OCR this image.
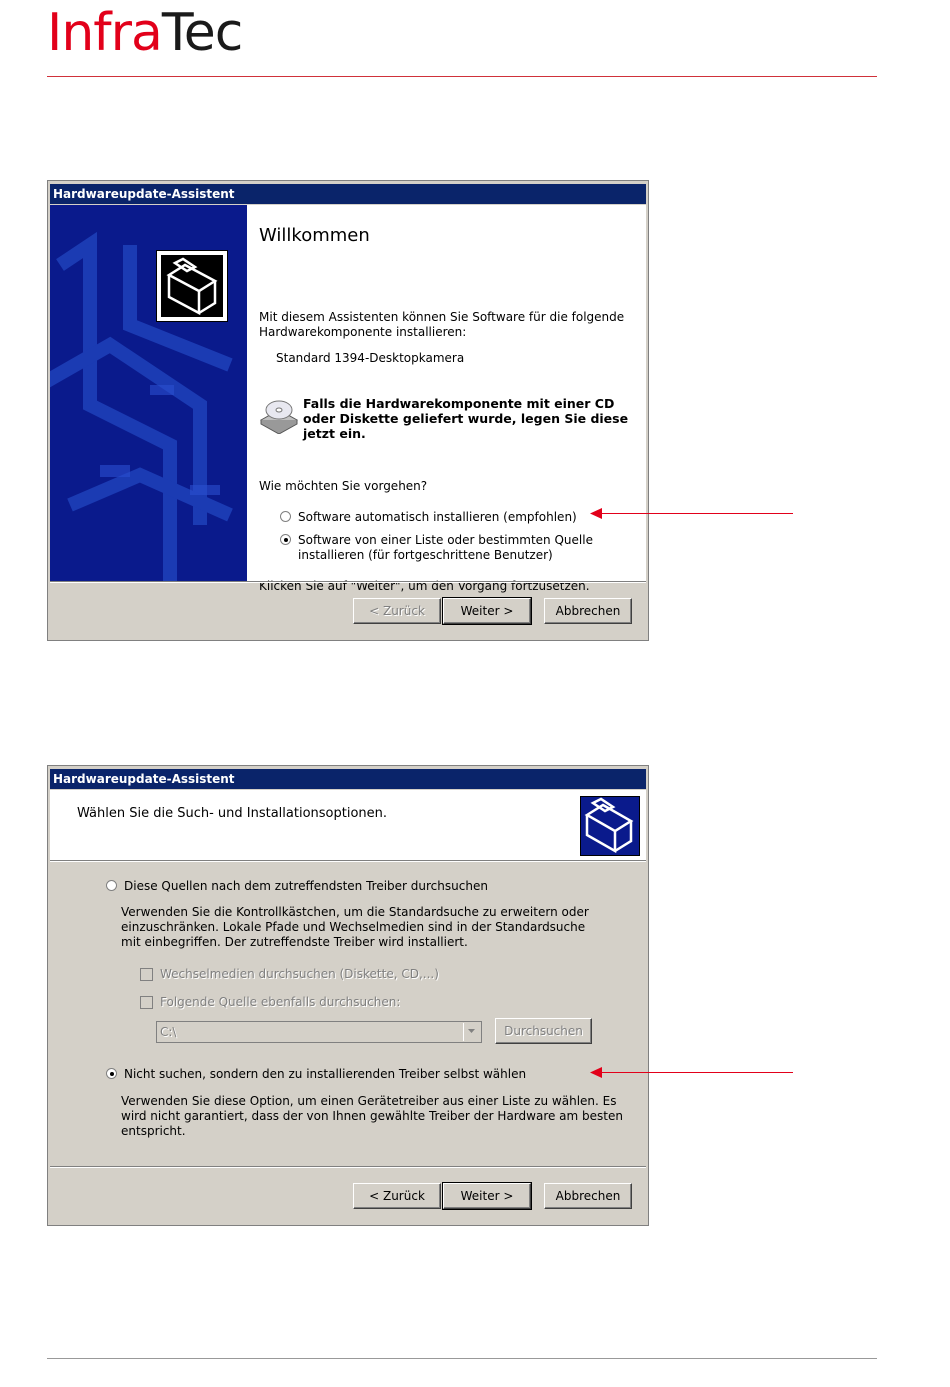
InfraTec
Hardwareupdate-Assistent
Willkommen
Mit diesem Assistenten können Sie Software für die folgende Hardwarekomponente installieren:
Standard 1394-Desktopkamera
Falls die Hardwarekomponente mit einer CD oder Diskette geliefert wurde, legen Sie diese jetzt ein.
Wie möchten Sie vorgehen?
Software automatisch installieren (empfohlen)
Software von einer Liste oder bestimmten Quelle installieren (für fortgeschrittene Benutzer)
Klicken Sie auf "Weiter", um den Vorgang fortzusetzen.
< Zurück	Weiter >	Abbrechen
Hardwareupdate-Assistent
Wählen Sie die Such- und Installationsoptionen.
Diese Quellen nach dem zutreffendsten Treiber durchsuchen
Verwenden Sie die Kontrollkästchen, um die Standardsuche zu erweitern oder einzuschränken. Lokale Pfade und Wechselmedien sind in der Standardsuche mit einbegriffen. Der zutreffendste Treiber wird installiert.
Wechselmedien durchsuchen (Diskette, CD,...)
Folgende Quelle ebenfalls durchsuchen:
C:\	Durchsuchen
Nicht suchen, sondern den zu installierenden Treiber selbst wählen
Verwenden Sie diese Option, um einen Gerätetreiber aus einer Liste zu wählen. Es wird nicht garantiert, dass der von Ihnen gewählte Treiber der Hardware am besten entspricht.
< Zurück	Weiter >	Abbrechen
